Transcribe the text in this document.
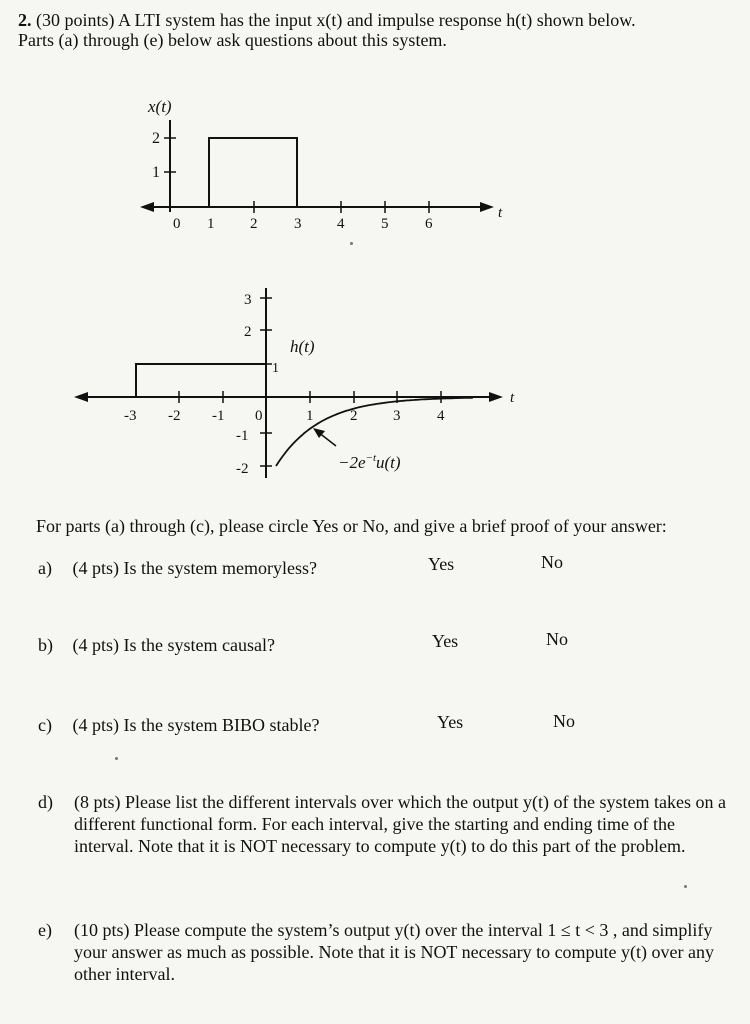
2. (30 points) A LTI system has the input x(t) and impulse response h(t) shown below.
Parts (a) through (e) below ask questions about this system.
2
1
0 1 2 3 4 5 6
x(t)
t
3
2
1
-1
-2
-3 -2 -1 0	1 2 3 4
h(t)
t
$-2e^{-t}u(t)$
For parts (a) through (c), please circle Yes or No, and give a brief proof of your answer:
a) (4 pts) Is the system memoryless?	Yes	No
b) (4 pts) Is the system causal?	Yes	No
c) (4 pts) Is the system BIBO stable?	Yes	No
d) (8 pts) Please list the different intervals over which the output y(t) of the system takes on a different functional form. For each interval, give the starting and ending time of the interval. Note that it is NOT necessary to compute y(t) to do this part of the problem.
e) (10 pts) Please compute the system’s output y(t) over the interval 1 ≤ t < 3 , and simplify your answer as much as possible. Note that it is NOT necessary to compute y(t) over any other interval.
